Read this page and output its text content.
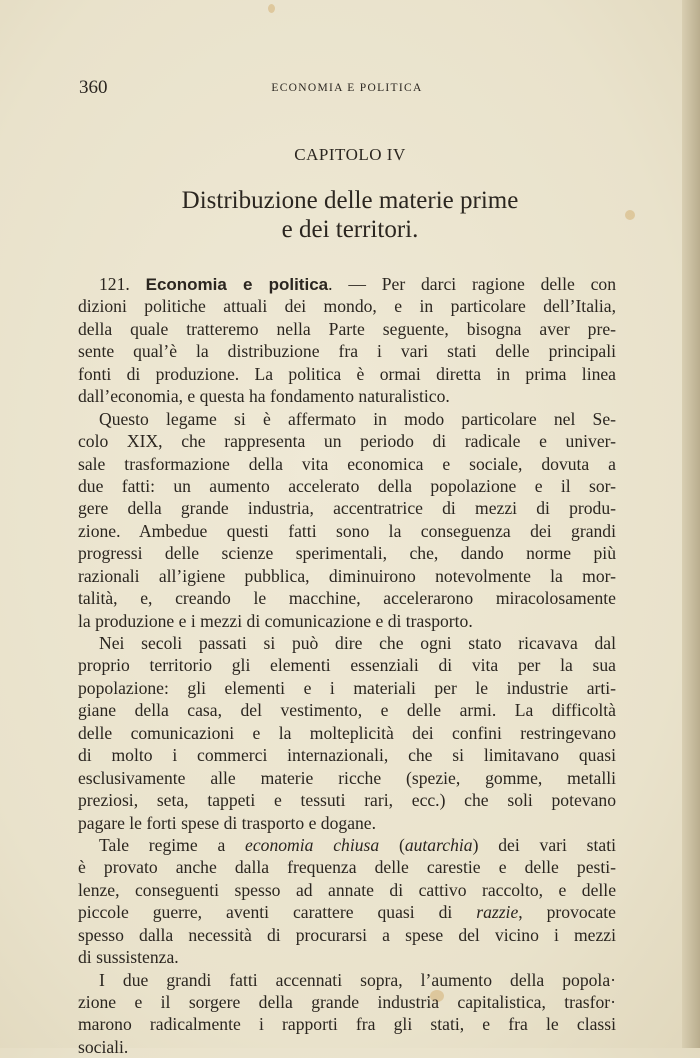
360	ECONOMIA E POLITICA
CAPITOLO IV
Distribuzione delle materie prime
e dei territori.
121. Economia e politica. — Per darci ragione delle con
dizioni politiche attuali dei mondo, e in particolare dell’Italia,
della quale tratteremo nella Parte seguente, bisogna aver pre-
sente qual’è la distribuzione fra i vari stati delle principali
fonti di produzione. La politica è ormai diretta in prima linea
dall’economia, e questa ha fondamento naturalistico.
Questo legame si è affermato in modo particolare nel Se-
colo XIX, che rappresenta un periodo di radicale e univer-
sale trasformazione della vita economica e sociale, dovuta a
due fatti: un aumento accelerato della popolazione e il sor-
gere della grande industria, accentratrice di mezzi di produ-
zione. Ambedue questi fatti sono la conseguenza dei grandi
progressi delle scienze sperimentali, che, dando norme più
razionali all’igiene pubblica, diminuirono notevolmente la mor-
talità, e, creando le macchine, accelerarono miracolosamente
la produzione e i mezzi di comunicazione e di trasporto.
Nei secoli passati si può dire che ogni stato ricavava dal
proprio territorio gli elementi essenziali di vita per la sua
popolazione: gli elementi e i materiali per le industrie arti-
giane della casa, del vestimento, e delle armi. La difficoltà
delle comunicazioni e la molteplicità dei confini restringevano
di molto i commerci internazionali, che si limitavano quasi
esclusivamente alle materie ricche (spezie, gomme, metalli
preziosi, seta, tappeti e tessuti rari, ecc.) che soli potevano
pagare le forti spese di trasporto e dogane.
Tale regime a economia chiusa (autarchia) dei vari stati
è provato anche dalla frequenza delle carestie e delle pesti-
lenze, conseguenti spesso ad annate di cattivo raccolto, e delle
piccole guerre, aventi carattere quasi di razzie, provocate
spesso dalla necessità di procurarsi a spese del vicino i mezzi
di sussistenza.
I due grandi fatti accennati sopra, l’aumento della popola·
zione e il sorgere della grande industria capitalistica, trasfor·
marono radicalmente i rapporti fra gli stati, e fra le classi
sociali.
